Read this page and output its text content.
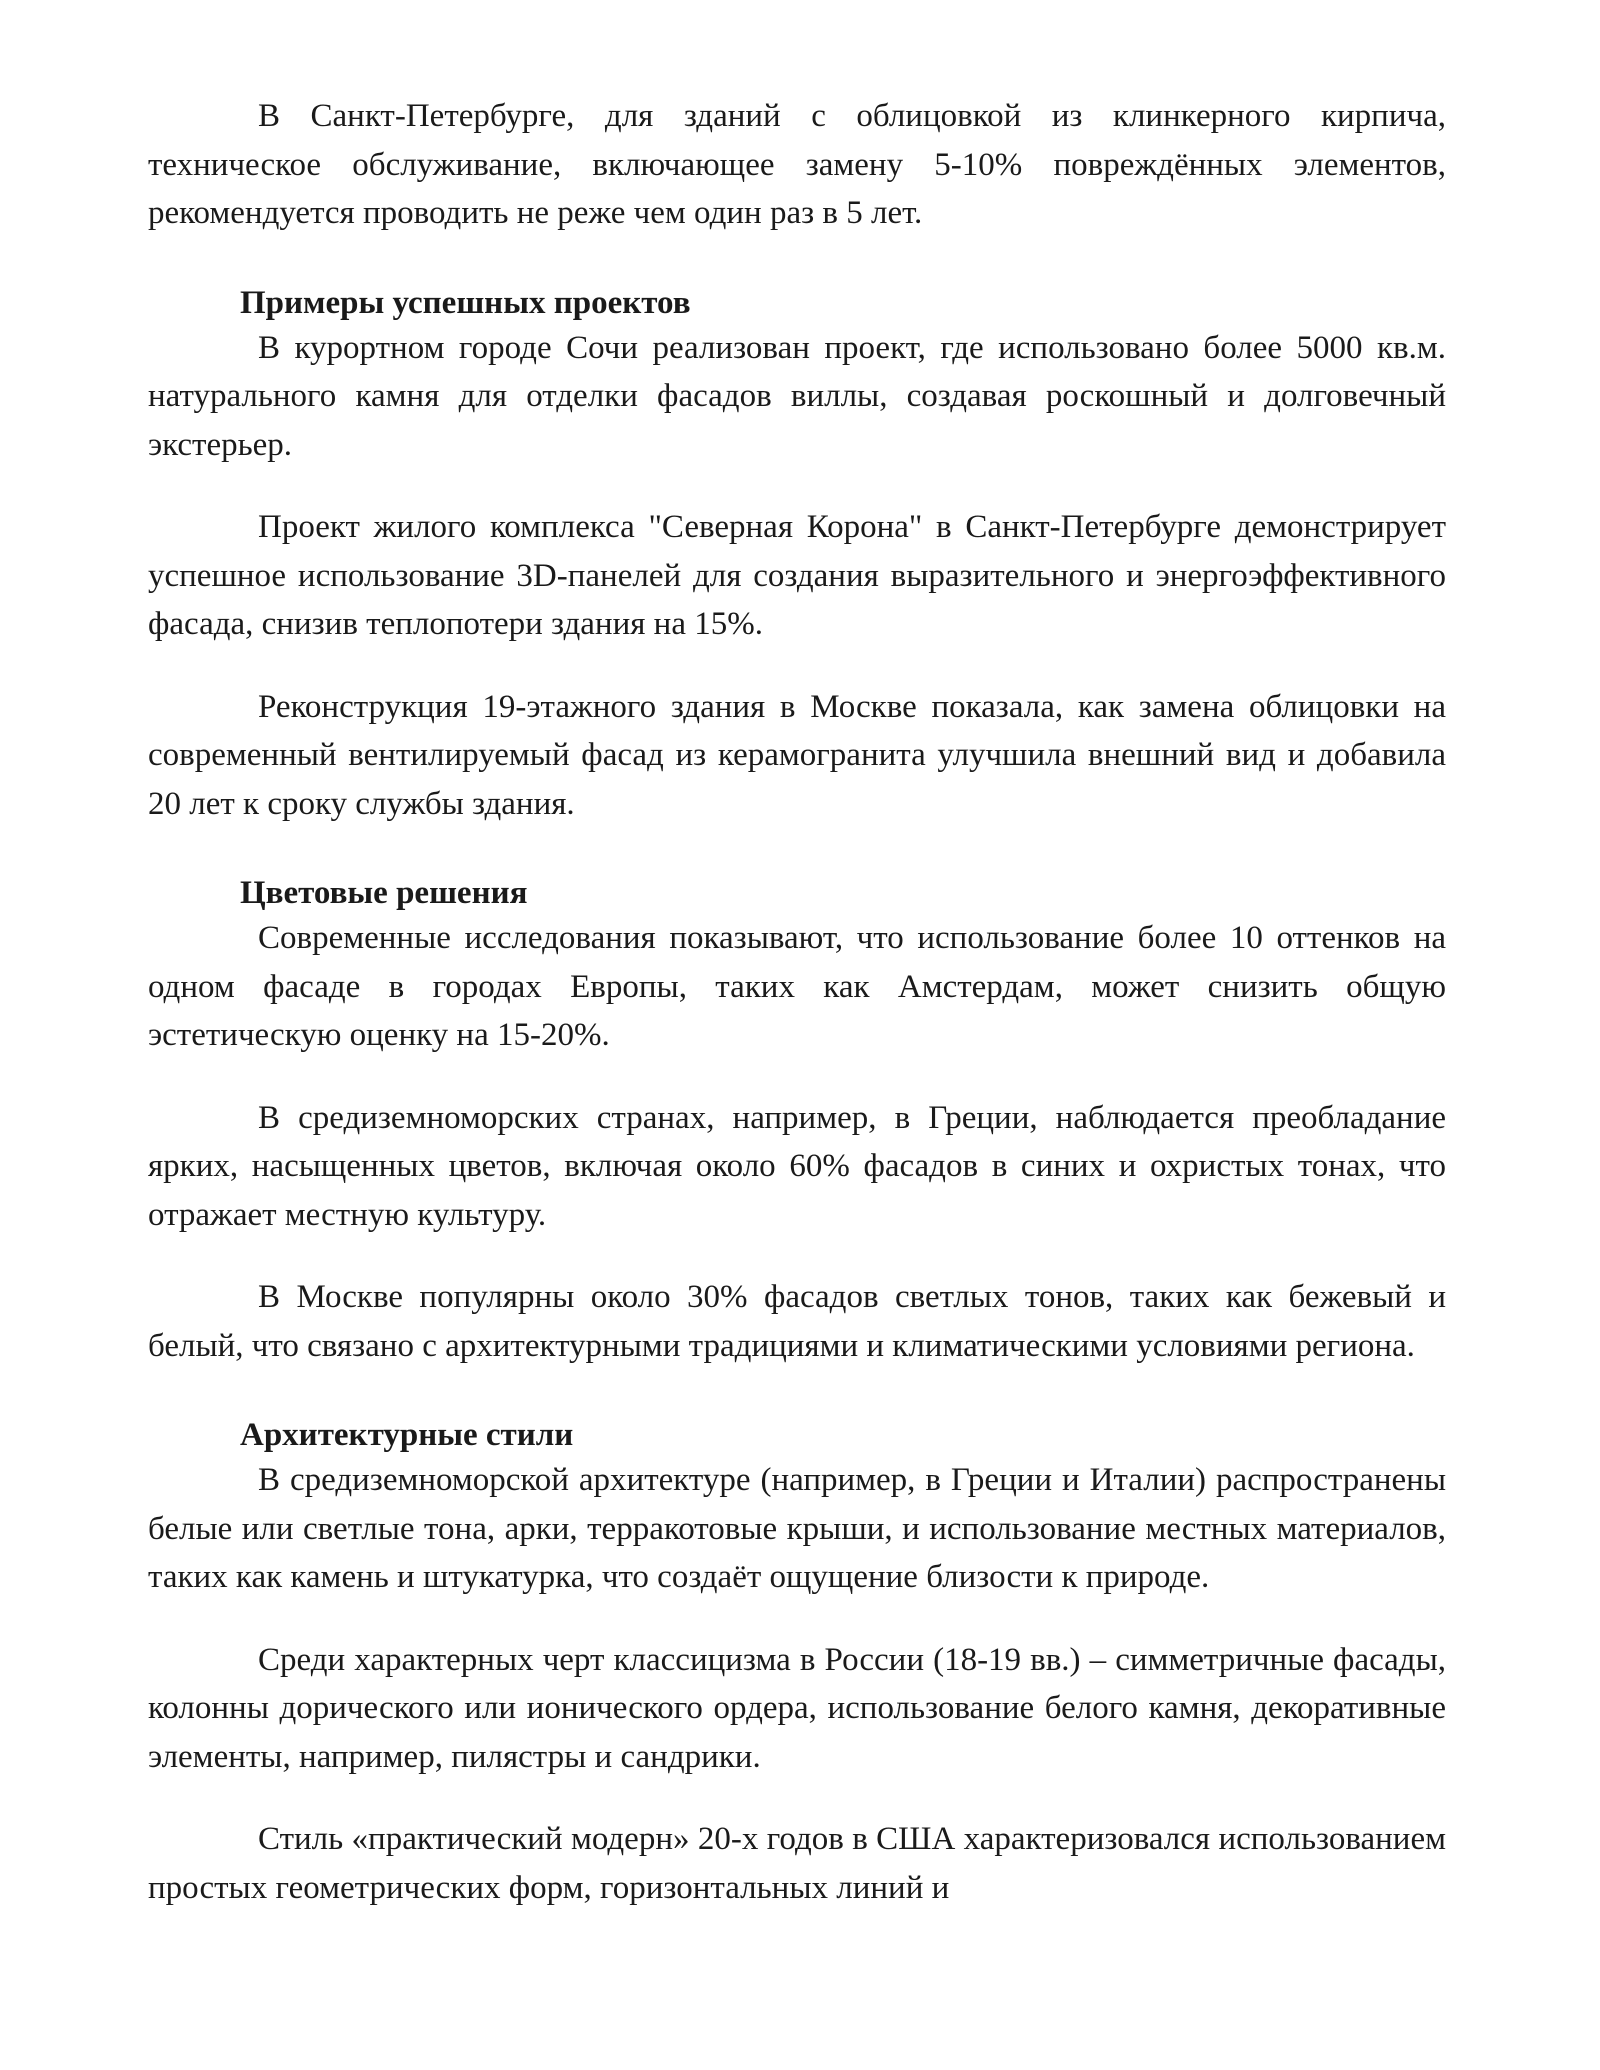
В Санкт-Петербурге, для зданий с облицовкой из клинкерного кирпича, техническое обслуживание, включающее замену 5-10% повреждённых элементов, рекомендуется проводить не реже чем один раз в 5 лет.

Примеры успешных проектов

В курортном городе Сочи реализован проект, где использовано более 5000 кв.м. натурального камня для отделки фасадов виллы, создавая роскошный и долговечный экстерьер.

Проект жилого комплекса "Северная Корона" в Санкт-Петербурге демонстрирует успешное использование 3D-панелей для создания выразительного и энергоэффективного фасада, снизив теплопотери здания на 15%.

Реконструкция 19-этажного здания в Москве показала, как замена облицовки на современный вентилируемый фасад из керамогранита улучшила внешний вид и добавила 20 лет к сроку службы здания.

Цветовые решения

Современные исследования показывают, что использование более 10 оттенков на одном фасаде в городах Европы, таких как Амстердам, может снизить общую эстетическую оценку на 15-20%.

В средиземноморских странах, например, в Греции, наблюдается преобладание ярких, насыщенных цветов, включая около 60% фасадов в синих и охристых тонах, что отражает местную культуру.

В Москве популярны около 30% фасадов светлых тонов, таких как бежевый и белый, что связано с архитектурными традициями и климатическими условиями региона.

Архитектурные стили

В средиземноморской архитектуре (например, в Греции и Италии) распространены белые или светлые тона, арки, терракотовые крыши, и использование местных материалов, таких как камень и штукатурка, что создаёт ощущение близости к природе.

Среди характерных черт классицизма в России (18-19 вв.) – симметричные фасады, колонны дорического или ионического ордера, использование белого камня, декоративные элементы, например, пилястры и сандрики.

Стиль «практический модерн» 20-х годов в США характеризовался использованием простых геометрических форм, горизонтальных линий и
